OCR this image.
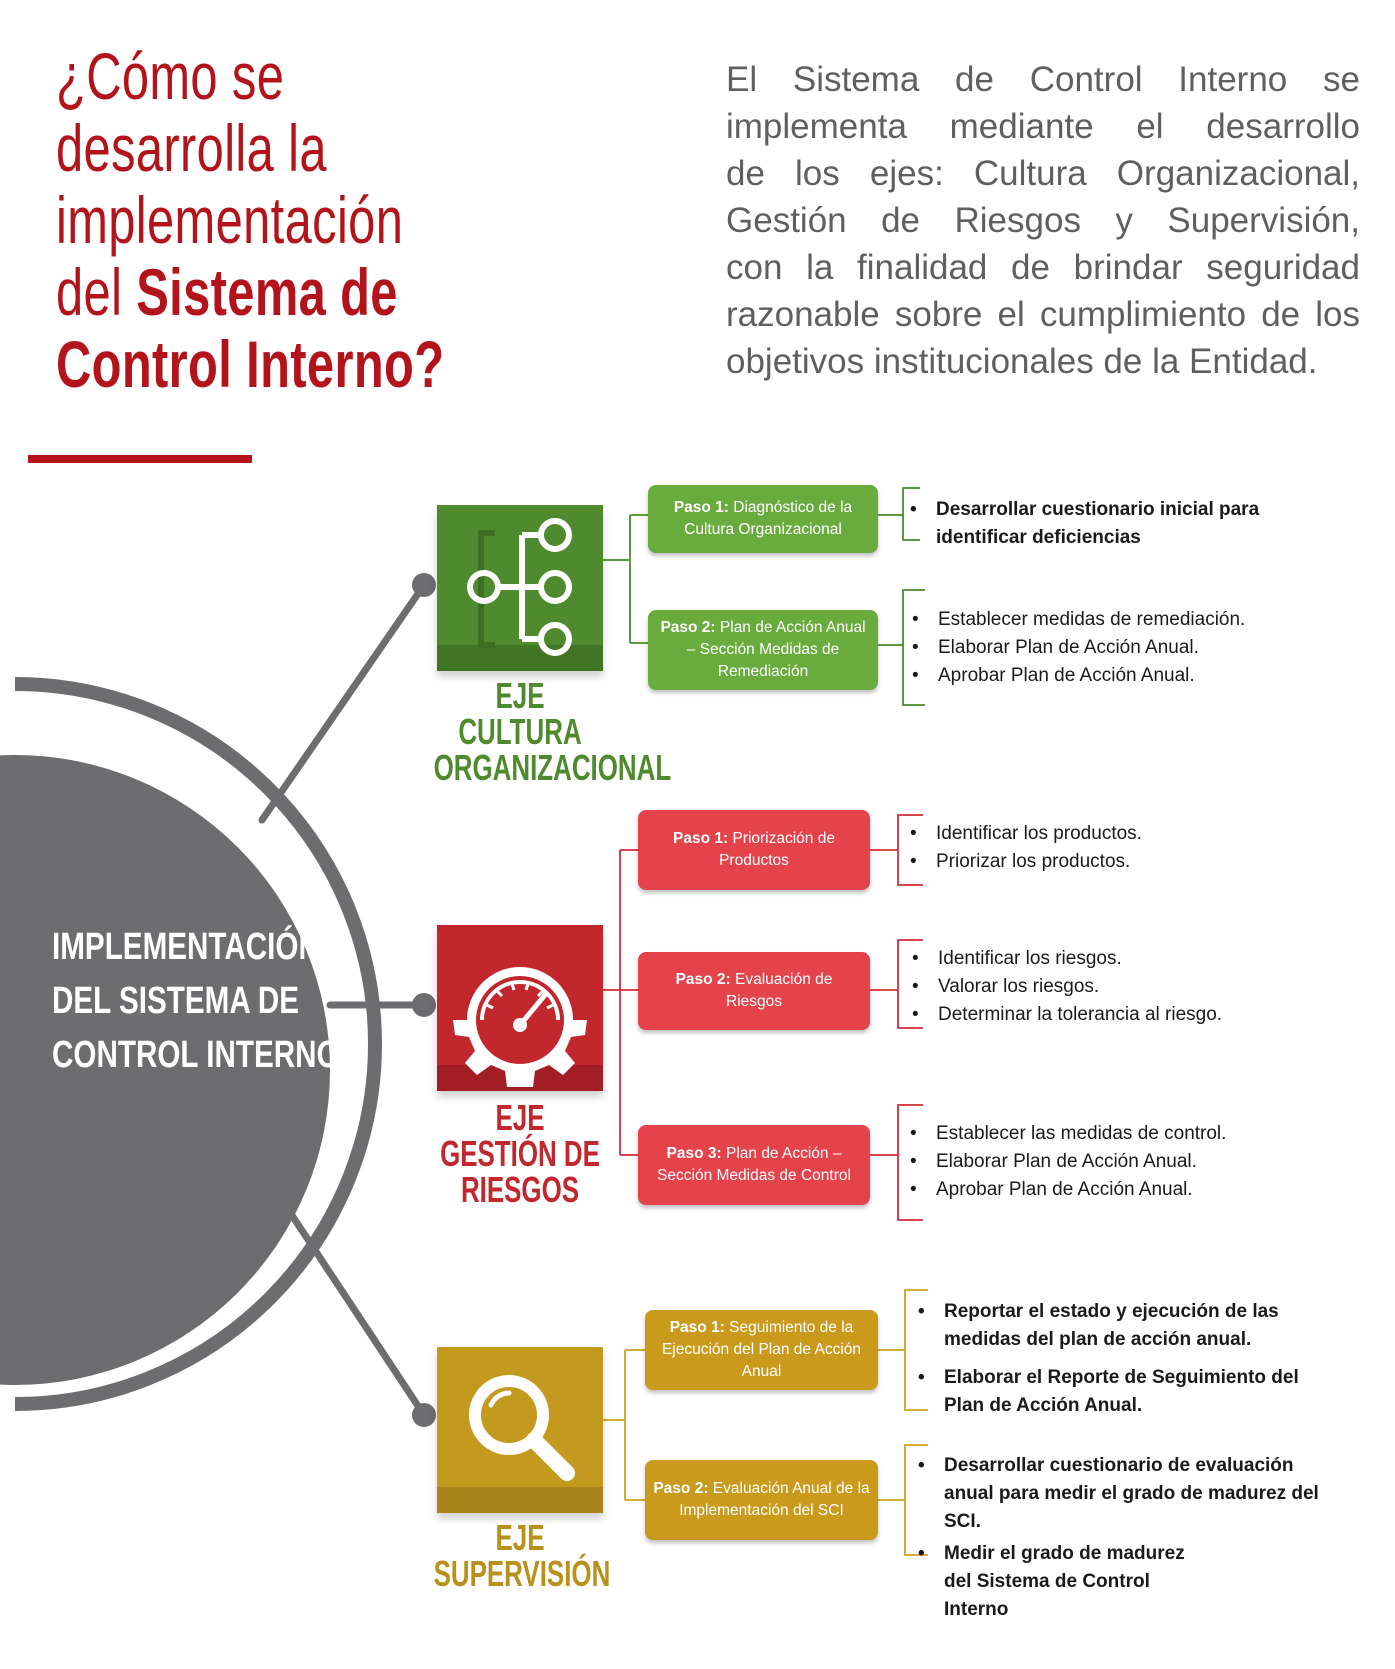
¿Cómo se
desarrolla la
implementación
del Sistema de
Control Interno?

El Sistema de Control Interno se
implementa mediante el desarrollo
de los ejes: Cultura Organizacional,
Gestión de Riesgos y Supervisión,
con la finalidad de brindar seguridad
razonable sobre el cumplimiento de los
objetivos institucionales de la Entidad.

IMPLEMENTACIÓN
DEL SISTEMA DE
CONTROL INTERNO

EJE
CULTURA
ORGANIZACIONAL

EJE
GESTIÓN DE
RIESGOS

EJE
SUPERVISIÓN

Paso 1: Diagnóstico de la Cultura Organizacional
• Desarrollar cuestionario inicial para identificar deficiencias
Paso 2: Plan de Acción Anual – Sección Medidas de Remediación
• Establecer medidas de remediación.
• Elaborar Plan de Acción Anual.
• Aprobar Plan de Acción Anual.
Paso 1: Priorización de Productos
• Identificar los productos.
• Priorizar los productos.
Paso 2: Evaluación de Riesgos
• Identificar los riesgos.
• Valorar los riesgos.
• Determinar la tolerancia al riesgo.
Paso 3: Plan de Acción – Sección Medidas de Control
• Establecer las medidas de control.
• Elaborar Plan de Acción Anual.
• Aprobar Plan de Acción Anual.
Paso 1: Seguimiento de la Ejecución del Plan de Acción Anual
• Reportar el estado y ejecución de las medidas del plan de acción anual.
• Elaborar el Reporte de Seguimiento del Plan de Acción Anual.
Paso 2: Evaluación Anual de la Implementación del SCI
• Desarrollar cuestionario de evaluación anual para medir el grado de madurez del SCI.
• Medir el grado de madurez del Sistema de Control Interno
